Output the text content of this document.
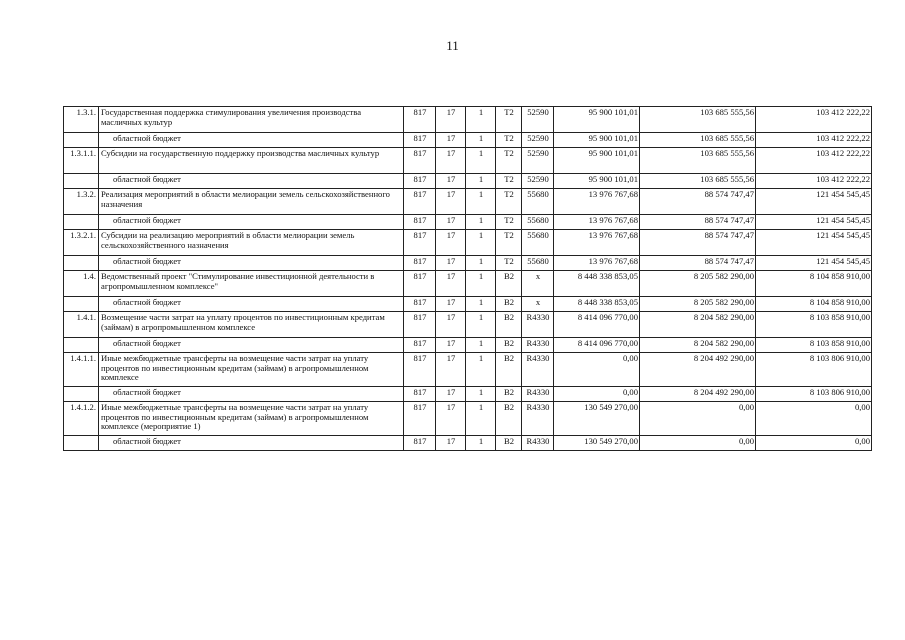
11
1.3.1.	Государственная поддержка стимулирования увеличения производства масличных культур	817	17	1	Т2	52590	95 900 101,01	103 685 555,56	103 412 222,22
	областной бюджет	817	17	1	Т2	52590	95 900 101,01	103 685 555,56	103 412 222,22
1.3.1.1.	Субсидии на государственную поддержку производства масличных культур	817	17	1	Т2	52590	95 900 101,01	103 685 555,56	103 412 222,22
	областной бюджет	817	17	1	Т2	52590	95 900 101,01	103 685 555,56	103 412 222,22
1.3.2.	Реализация мероприятий в области мелиорации земель сельскохозяйственного назначения	817	17	1	Т2	55680	13 976 767,68	88 574 747,47	121 454 545,45
	областной бюджет	817	17	1	Т2	55680	13 976 767,68	88 574 747,47	121 454 545,45
1.3.2.1.	Субсидии на реализацию мероприятий в области мелиорации земель сельскохозяйственного назначения	817	17	1	Т2	55680	13 976 767,68	88 574 747,47	121 454 545,45
	областной бюджет	817	17	1	Т2	55680	13 976 767,68	88 574 747,47	121 454 545,45
1.4.	Ведомственный проект "Стимулирование инвестиционной деятельности в агропромышленном комплексе"	817	17	1	В2	х	8 448 338 853,05	8 205 582 290,00	8 104 858 910,00
	областной бюджет	817	17	1	В2	х	8 448 338 853,05	8 205 582 290,00	8 104 858 910,00
1.4.1.	Возмещение части затрат на уплату процентов по инвестиционным кредитам (займам) в агропромышленном комплексе	817	17	1	В2	R4330	8 414 096 770,00	8 204 582 290,00	8 103 858 910,00
	областной бюджет	817	17	1	В2	R4330	8 414 096 770,00	8 204 582 290,00	8 103 858 910,00
1.4.1.1.	Иные межбюджетные трансферты на возмещение части затрат на уплату процентов по инвестиционным кредитам (займам) в агропромышленном комплексе	817	17	1	В2	R4330	0,00	8 204 492 290,00	8 103 806 910,00
	областной бюджет	817	17	1	В2	R4330	0,00	8 204 492 290,00	8 103 806 910,00
1.4.1.2.	Иные межбюджетные трансферты на возмещение части затрат на уплату процентов по инвестиционным кредитам (займам) в агропромышленном комплексе (мероприятие 1)	817	17	1	В2	R4330	130 549 270,00	0,00	0,00
	областной бюджет	817	17	1	В2	R4330	130 549 270,00	0,00	0,00
